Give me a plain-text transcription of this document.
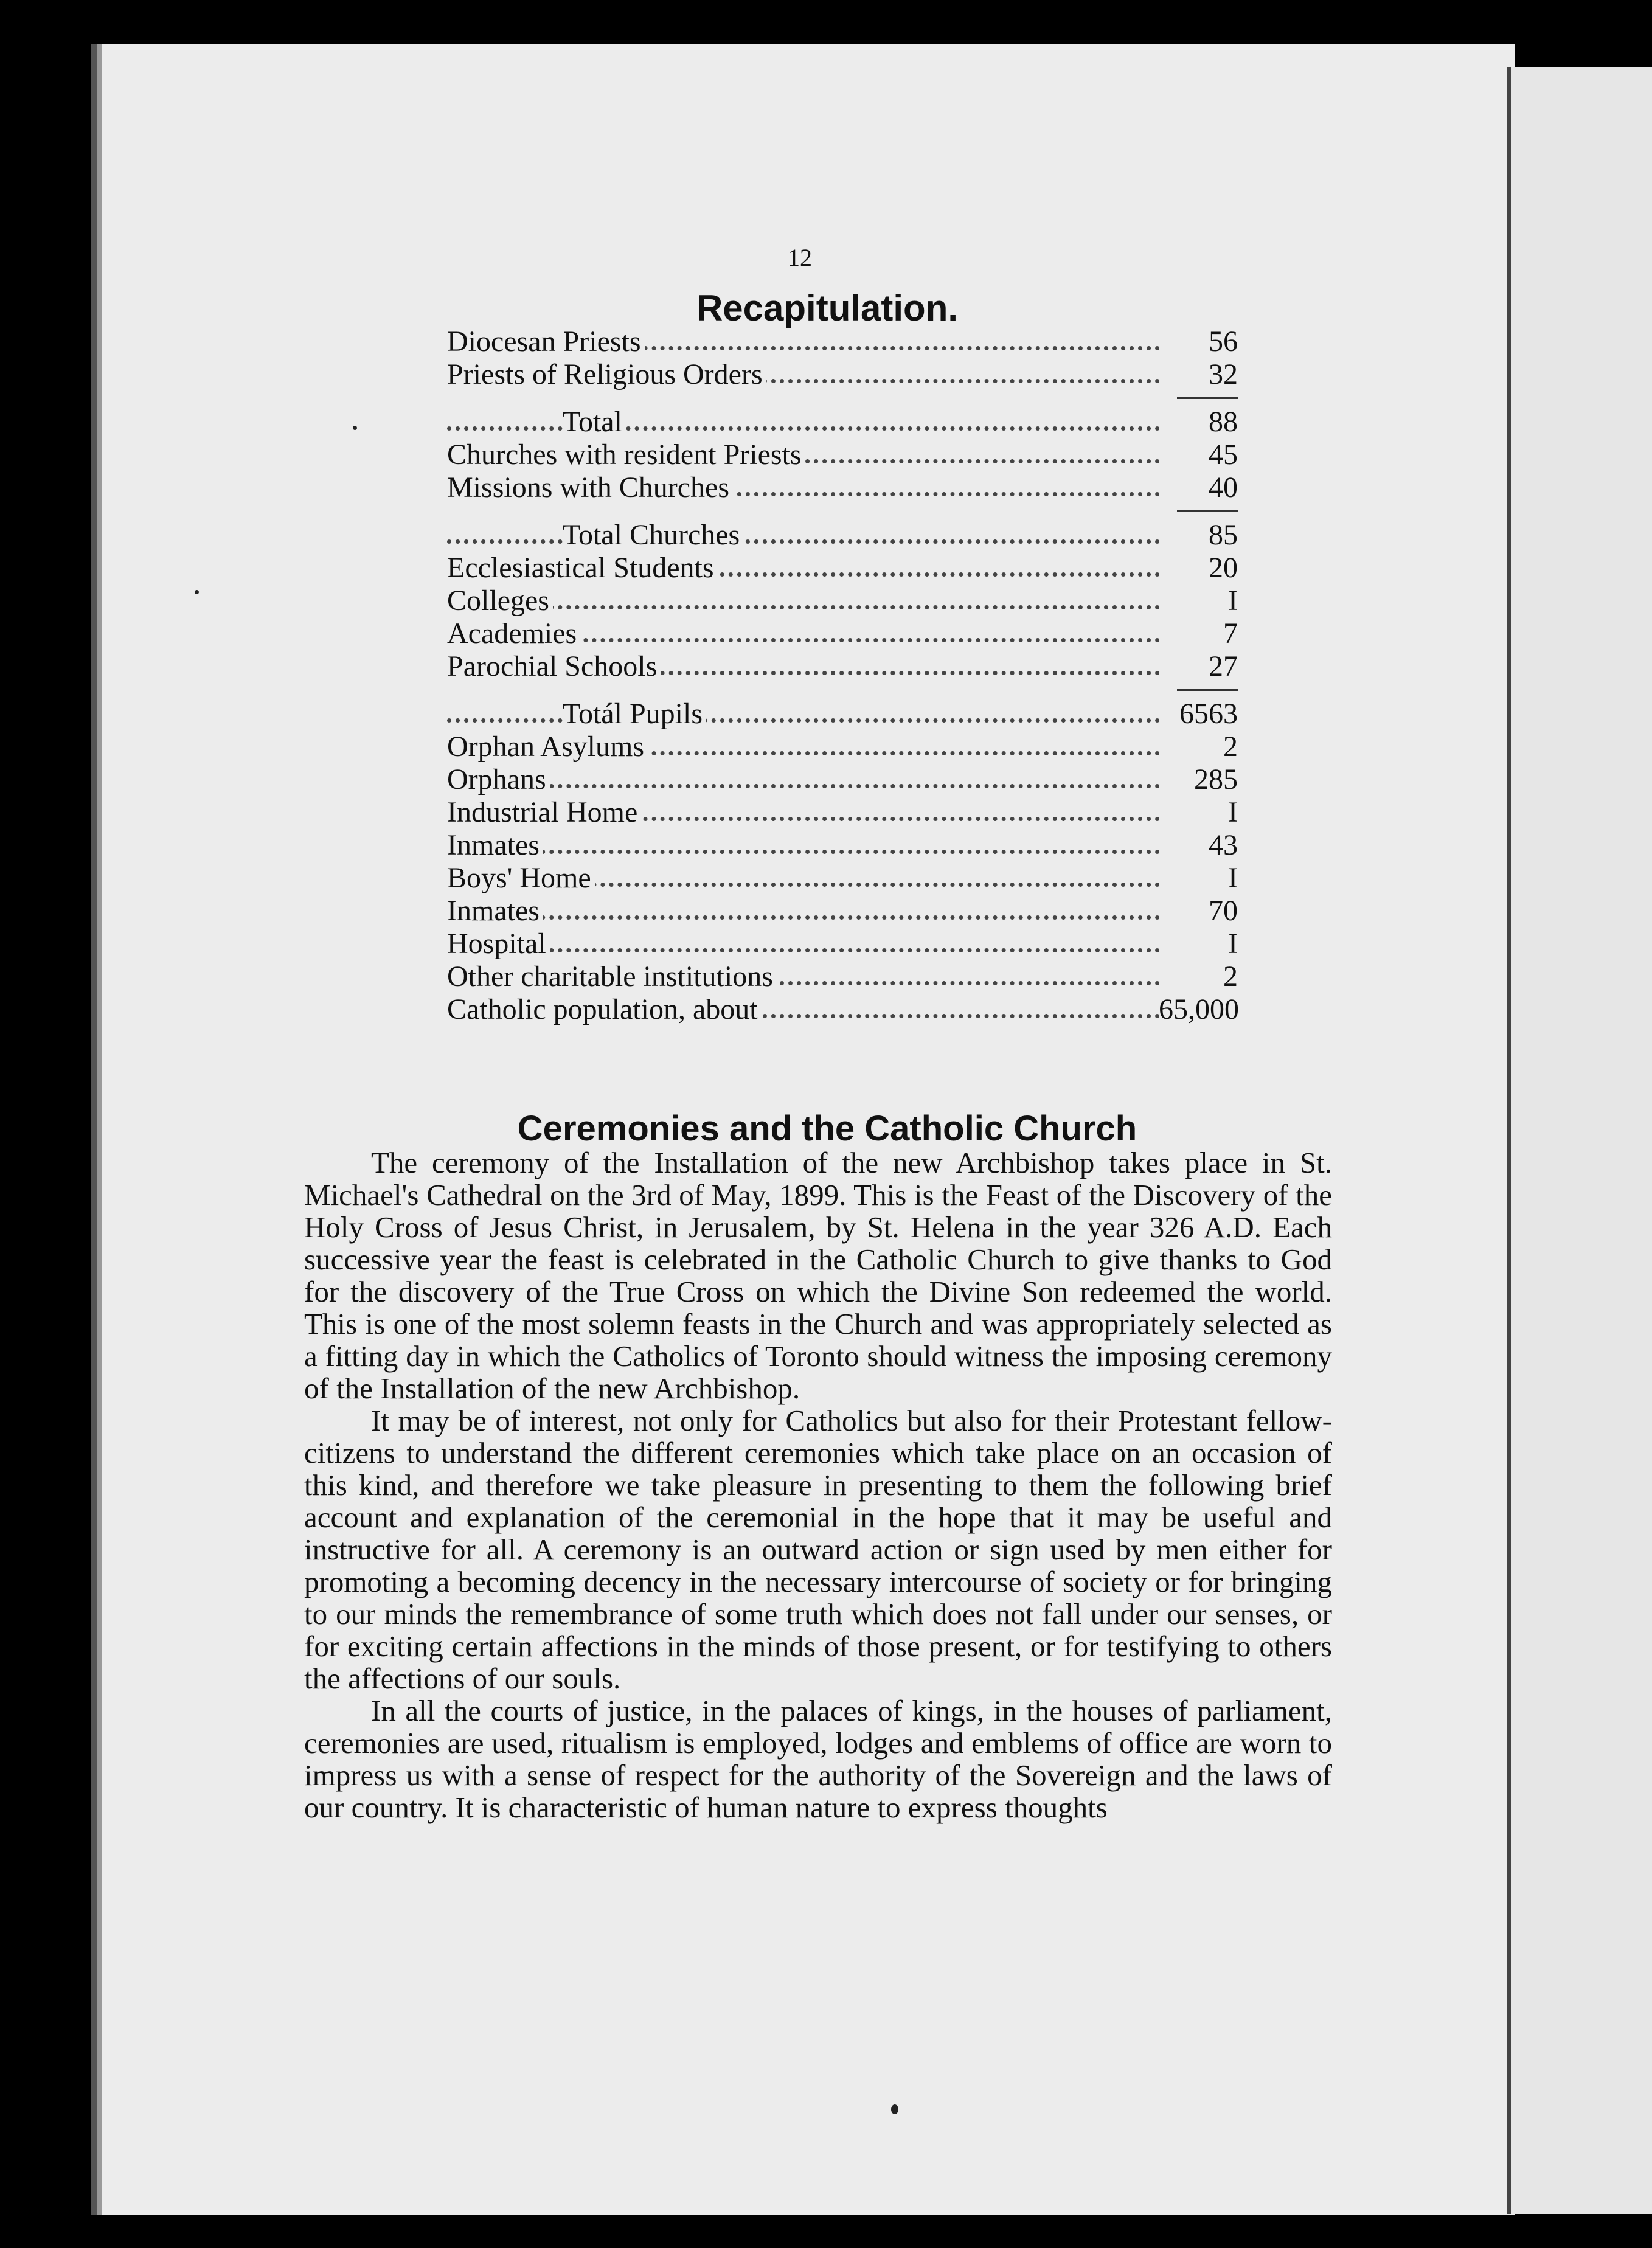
12
Recapitulation.
Diocesan Priests	56
Priests of Religious Orders	32
Total	88
Churches with resident Priests	45
Missions with Churches	40
Total Churches	85
Ecclesiastical Students	20
Colleges	I
Academies	7
Parochial Schools	27
Totál Pupils	6563
Orphan Asylums	2
Orphans	285
Industrial Home	I
Inmates	43
Boys' Home	I
Inmates	70
Hospital	I
Other charitable institutions	2
Catholic population, about	65,000
Ceremonies and the Catholic Church

The ceremony of the Installation of the new Archbishop takes place in St. Michael's Cathedral on the 3rd of May, 1899. This is the Feast of the Discovery of the Holy Cross of Jesus Christ, in Jerusalem, by St. Helena in the year 326 A.D. Each successive year the feast is celebrated in the Catholic Church to give thanks to God for the discovery of the True Cross on which the Divine Son redeemed the world. This is one of the most solemn feasts in the Church and was appropriately selected as a fitting day in which the Catholics of Toronto should witness the imposing ceremony of the Installation of the new Archbishop.

It may be of interest, not only for Catholics but also for their Protestant fellow-citizens to understand the different ceremonies which take place on an occasion of this kind, and therefore we take pleasure in presenting to them the following brief account and explanation of the ceremonial in the hope that it may be useful and instructive for all. A ceremony is an outward action or sign used by men either for promoting a becoming decency in the necessary intercourse of society or for bringing to our minds the remembrance of some truth which does not fall under our senses, or for exciting certain affections in the minds of those present, or for testifying to others the affections of our souls.

In all the courts of justice, in the palaces of kings, in the houses of parliament, ceremonies are used, ritualism is employed, lodges and emblems of office are worn to impress us with a sense of respect for the authority of the Sovereign and the laws of our country. It is characteristic of human nature to express thoughts
